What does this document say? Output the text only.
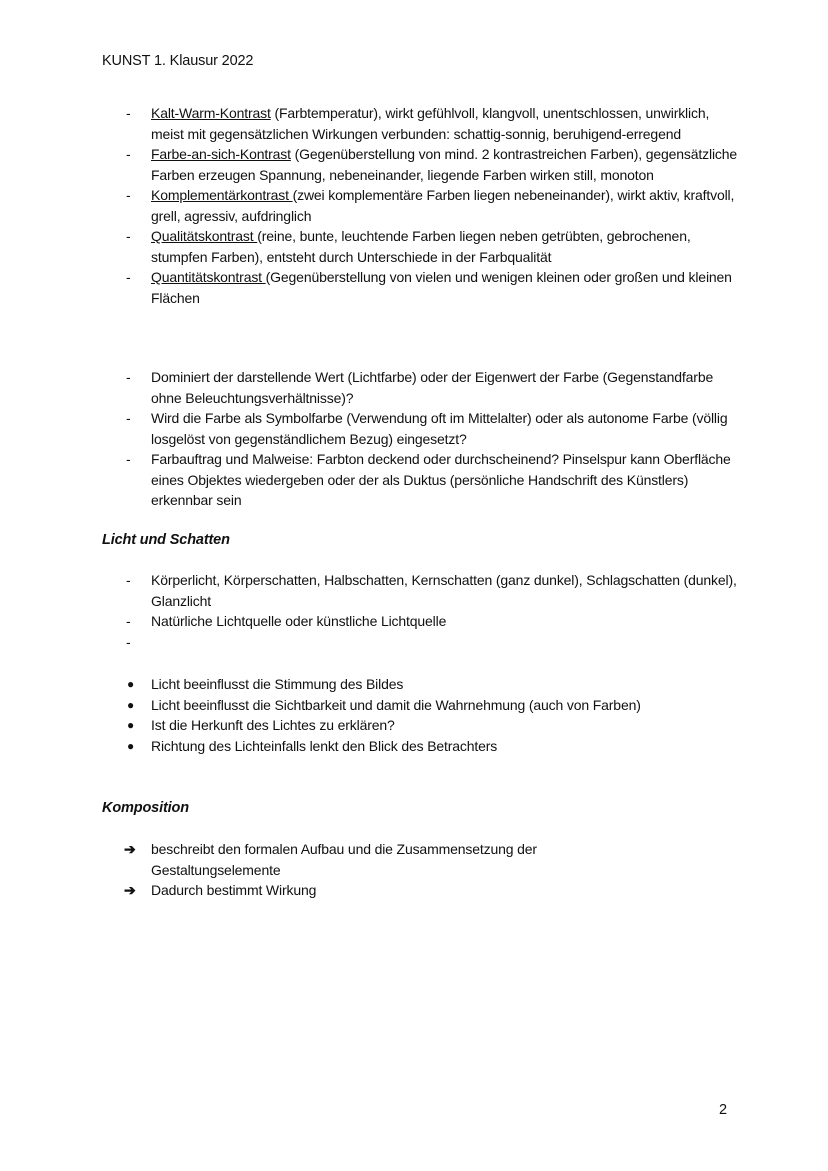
KUNST 1. Klausur 2022
- Kalt-Warm-Kontrast (Farbtemperatur), wirkt gefühlvoll, klangvoll, unentschlossen, unwirklich, meist mit gegensätzlichen Wirkungen verbunden: schattig-sonnig, beruhigend-erregend
- Farbe-an-sich-Kontrast (Gegenüberstellung von mind. 2 kontrastreichen Farben), gegensätzliche Farben erzeugen Spannung, nebeneinander, liegende Farben wirken still, monoton
- Komplementärkontrast (zwei komplementäre Farben liegen nebeneinander), wirkt aktiv, kraftvoll, grell, agressiv, aufdringlich
- Qualitätskontrast (reine, bunte, leuchtende Farben liegen neben getrübten, gebrochenen, stumpfen Farben), entsteht durch Unterschiede in der Farbqualität
- Quantitätskontrast (Gegenüberstellung von vielen und wenigen kleinen oder großen und kleinen Flächen
- Dominiert der darstellende Wert (Lichtfarbe) oder der Eigenwert der Farbe (Gegenstandfarbe ohne Beleuchtungsverhältnisse)?
- Wird die Farbe als Symbolfarbe (Verwendung oft im Mittelalter) oder als autonome Farbe (völlig losgelöst von gegenständlichem Bezug) eingesetzt?
- Farbauftrag und Malweise: Farbton deckend oder durchscheinend? Pinselspur kann Oberfläche eines Objektes wiedergeben oder der als Duktus (persönliche Handschrift des Künstlers) erkennbar sein
Licht und Schatten
- Körperlicht, Körperschatten, Halbschatten, Kernschatten (ganz dunkel), Schlagschatten (dunkel), Glanzlicht
- Natürliche Lichtquelle oder künstliche Lichtquelle
-
● Licht beeinflusst die Stimmung des Bildes
● Licht beeinflusst die Sichtbarkeit und damit die Wahrnehmung (auch von Farben)
● Ist die Herkunft des Lichtes zu erklären?
● Richtung des Lichteinfalls lenkt den Blick des Betrachters
Komposition
➔ beschreibt den formalen Aufbau und die Zusammensetzung der Gestaltungselemente
➔ Dadurch bestimmt Wirkung
2
